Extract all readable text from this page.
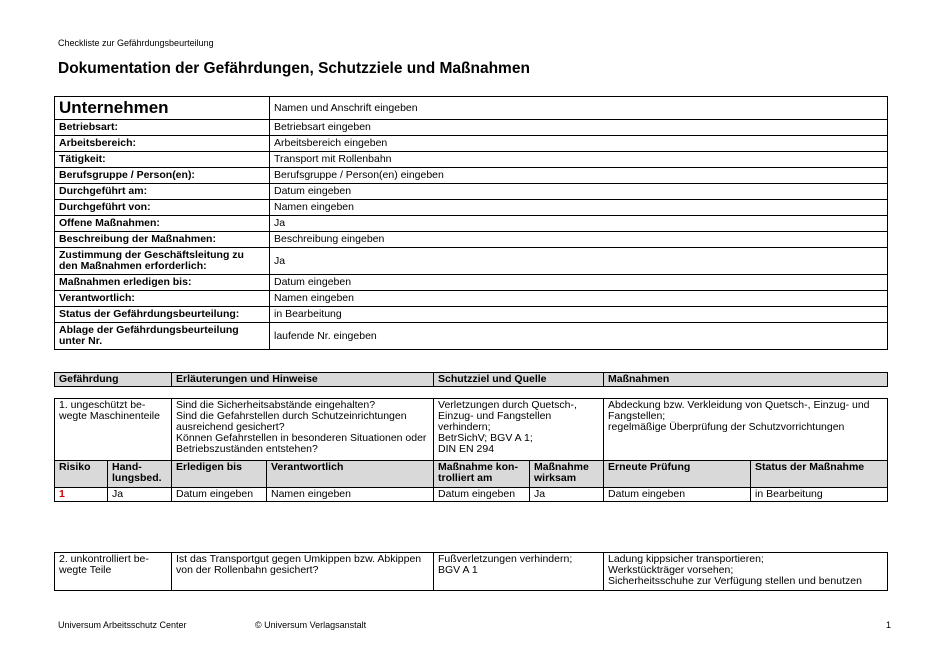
Checkliste zur Gefährdungsbeurteilung
Dokumentation der Gefährdungen, Schutzziele und Maßnahmen
Unternehmen	Namen und Anschrift eingeben
Betriebsart:	Betriebsart eingeben
Arbeitsbereich:	Arbeitsbereich eingeben
Tätigkeit:	Transport mit Rollenbahn
Berufsgruppe / Person(en):	Berufsgruppe / Person(en) eingeben
Durchgeführt am:	Datum eingeben
Durchgeführt von:	Namen eingeben
Offene Maßnahmen:	Ja
Beschreibung der Maßnahmen:	Beschreibung eingeben
Zustimmung der Geschäftsleitung zu den Maßnahmen erforderlich:	Ja
Maßnahmen erledigen bis:	Datum eingeben
Verantwortlich:	Namen eingeben
Status der Gefährdungsbeurteilung:	in Bearbeitung
Ablage der Gefährdungsbeurteilung unter Nr.	laufende Nr. eingeben
Gefährdung	Erläuterungen und Hinweise	Schutzziel und Quelle	Maßnahmen
1. ungeschützt be-wegte Maschinenteile		Sind die Sicherheitsabstände eingehalten?
Sind die Gefahrstellen durch Schutzeinrichtungen ausreichend gesichert?
Können Gefahrstellen in besonderen Situationen oder Betriebszuständen entstehen?		Verletzungen durch Quetsch-, Einzug- und Fangstellen verhindern;
BetrSichV; BGV A 1;
DIN EN 294		Abdeckung bzw. Verkleidung von Quetsch-, Einzug- und Fangstellen;
regelmäßige Überprüfung der Schutzvorrichtungen	
Risiko	Hand-lungsbed.	Erledigen bis	Verantwortlich	Maßnahme kon-trolliert am	Maßnahme wirksam	Erneute Prüfung	Status der Maßnahme
1	Ja	Datum eingeben	Namen eingeben	Datum eingeben	Ja	Datum eingeben	in Bearbeitung
2. unkontrolliert be-wegte Teile	Ist das Transportgut gegen Umkippen bzw. Abkippen von der Rollenbahn gesichert?	Fußverletzungen verhindern;
BGV A 1	Ladung kippsicher transportieren;
Werkstückträger vorsehen;
Sicherheitsschuhe zur Verfügung stellen und benutzen
Universum Arbeitsschutz Center	© Universum Verlagsanstalt	1
